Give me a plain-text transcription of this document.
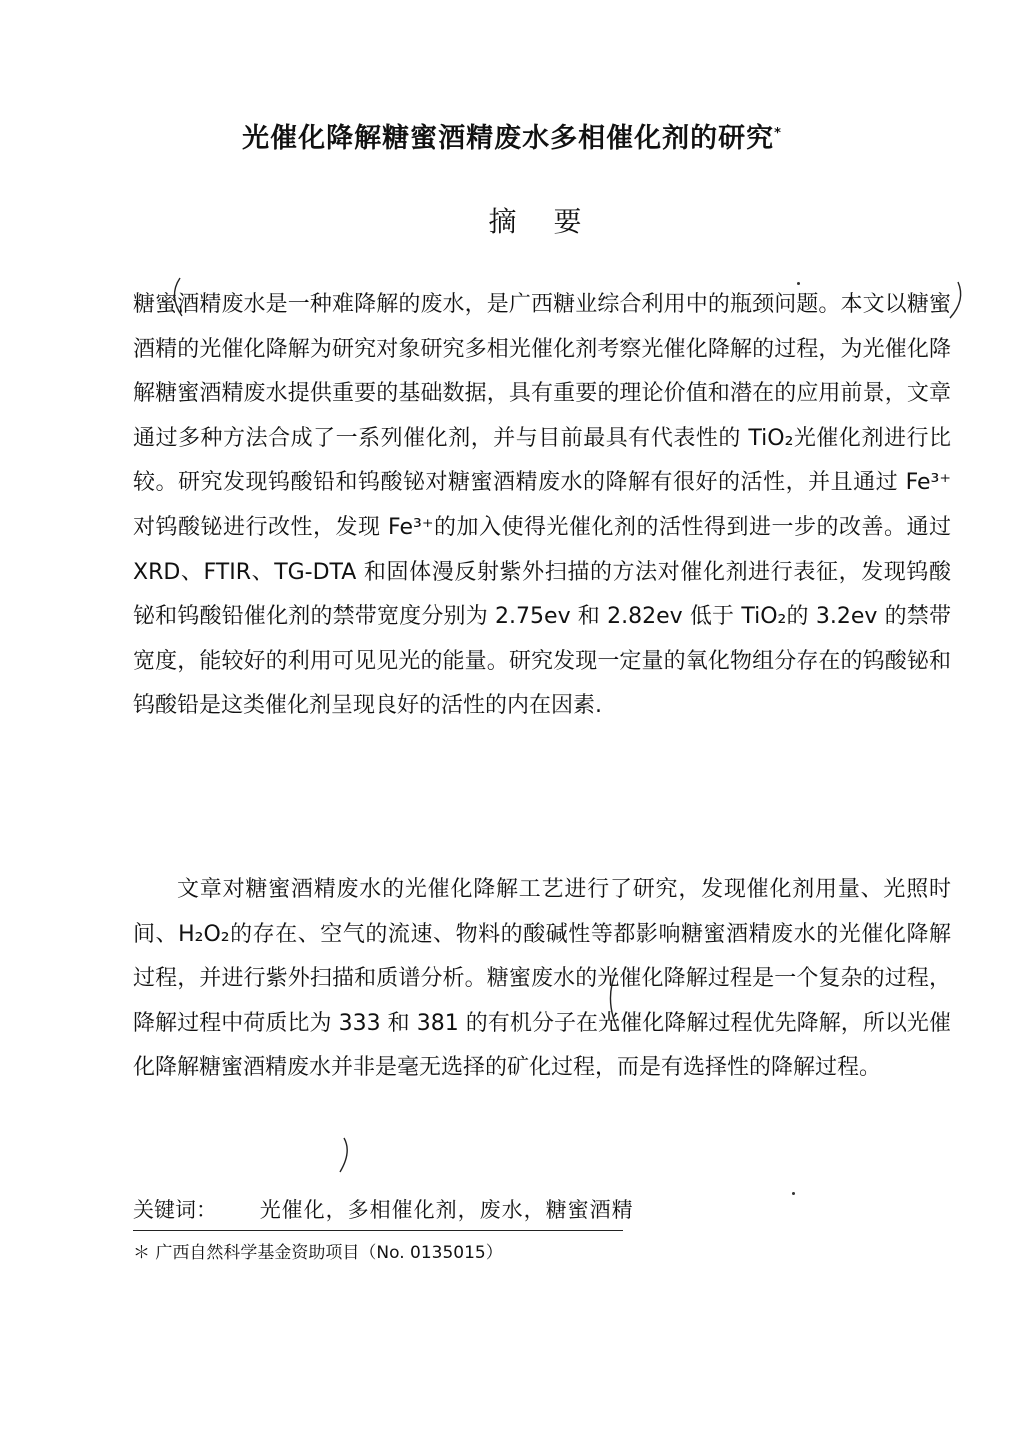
光催化降解糖蜜酒精废水多相催化剂的研究*
摘 要
糖蜜酒精废水是一种难降解的废水，是广西糖业综合利用中的瓶颈问题。本文以糖蜜酒精的光催化降解为研究对象研究多相光催化剂考察光催化降解的过程，为光催化降解糖蜜酒精废水提供重要的基础数据，具有重要的理论价值和潜在的应用前景，文章通过多种方法合成了一系列催化剂，并与目前最具有代表性的 TiO₂光催化剂进行比较。研究发现钨酸铅和钨酸铋对糖蜜酒精废水的降解有很好的活性，并且通过 Fe³⁺对钨酸铋进行改性，发现 Fe³⁺的加入使得光催化剂的活性得到进一步的改善。通过 XRD、FTIR、TG-DTA 和固体漫反射紫外扫描的方法对催化剂进行表征，发现钨酸铋和钨酸铅催化剂的禁带宽度分别为 2.75ev 和 2.82ev 低于 TiO₂的 3.2ev 的禁带宽度，能较好的利用可见见光的能量。研究发现一定量的氧化物组分存在的钨酸铋和钨酸铅是这类催化剂呈现良好的活性的内在因素.
文章对糖蜜酒精废水的光催化降解工艺进行了研究，发现催化剂用量、光照时间、H₂O₂的存在、空气的流速、物料的酸碱性等都影响糖蜜酒精废水的光催化降解过程，并进行紫外扫描和质谱分析。糖蜜废水的光催化降解过程是一个复杂的过程，降解过程中荷质比为 333 和 381 的有机分子在光催化降解过程优先降解，所以光催化降解糖蜜酒精废水并非是毫无选择的矿化过程，而是有选择性的降解过程。
关键词： 光催化，多相催化剂，废水，糖蜜酒精
＊ 广西自然科学基金资助项目（No. 0135015）
